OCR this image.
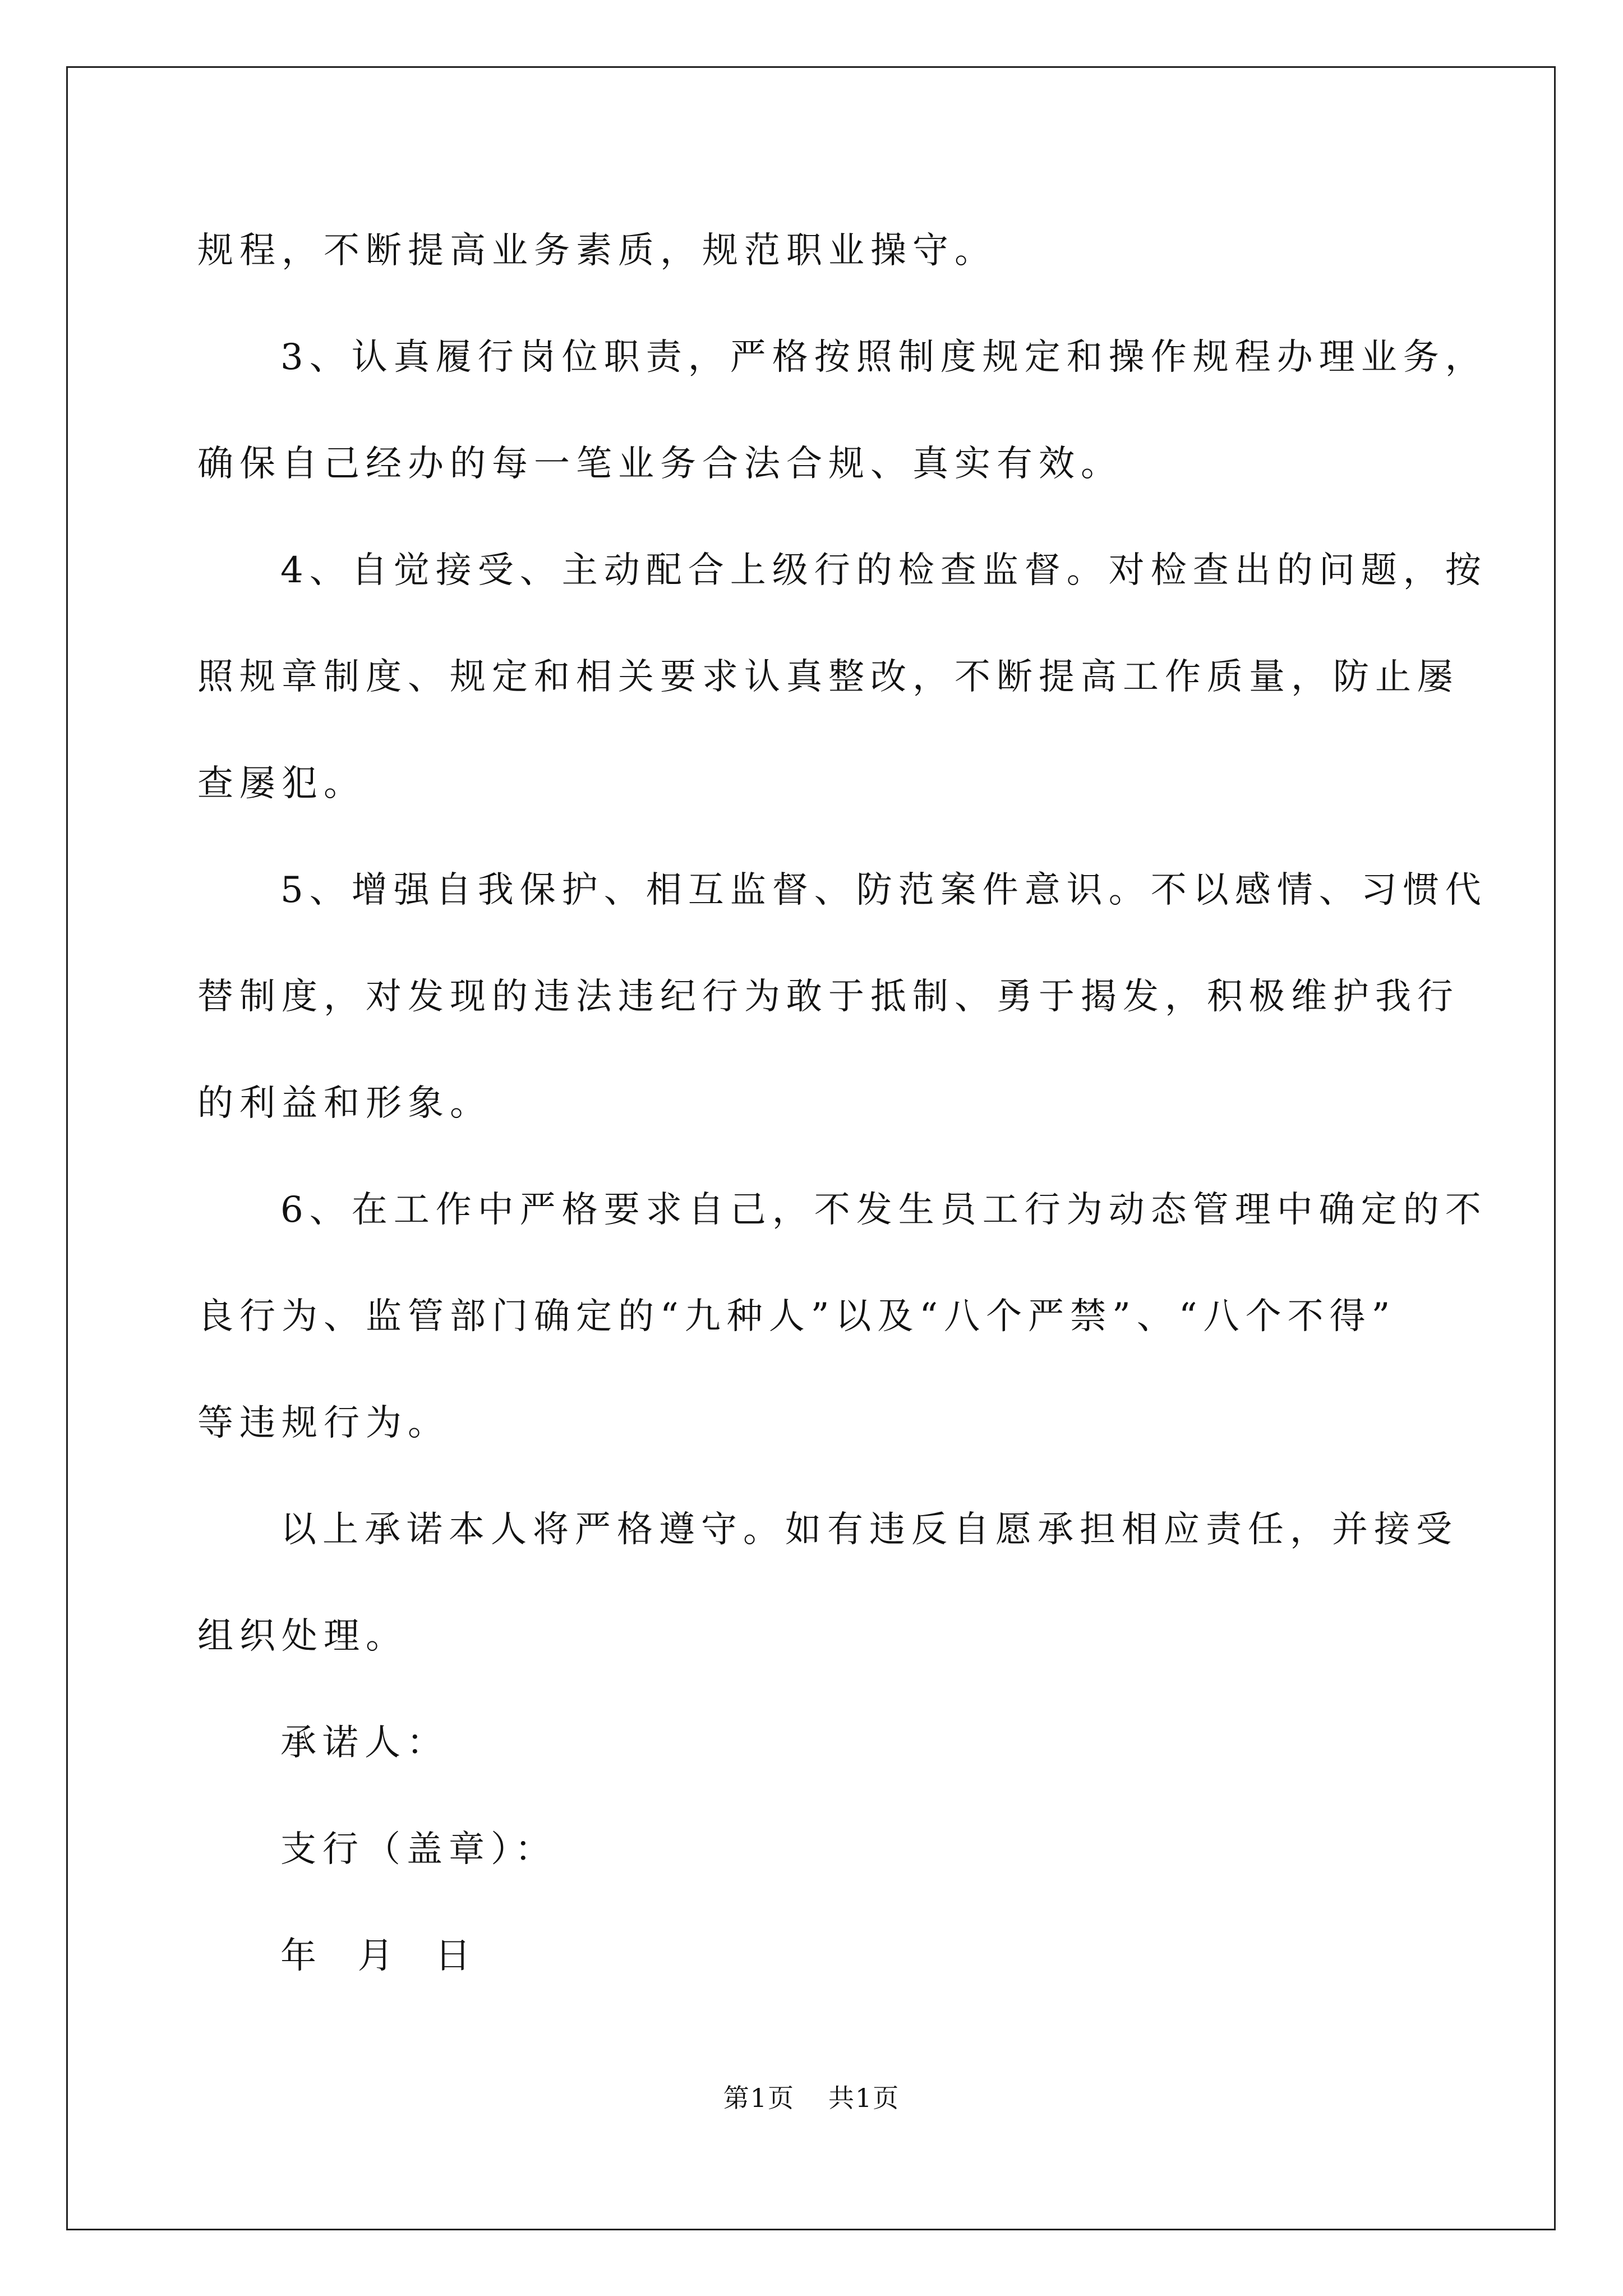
规程，不断提高业务素质，规范职业操守。
3、认真履行岗位职责，严格按照制度规定和操作规程办理业务，
确保自己经办的每一笔业务合法合规、真实有效。
4、自觉接受、主动配合上级行的检查监督。对检查出的问题，按
照规章制度、规定和相关要求认真整改，不断提高工作质量，防止屡
查屡犯。
5、增强自我保护、相互监督、防范案件意识。不以感情、习惯代
替制度，对发现的违法违纪行为敢于抵制、勇于揭发，积极维护我行
的利益和形象。
6、在工作中严格要求自己，不发生员工行为动态管理中确定的不
良行为、监管部门确定的“九种人”以及“八个严禁”、“八个不得”
等违规行为。
以上承诺本人将严格遵守。如有违反自愿承担相应责任，并接受
组织处理。
承诺人：
支行（盖章）：
年  月  日
第1页 共1页
